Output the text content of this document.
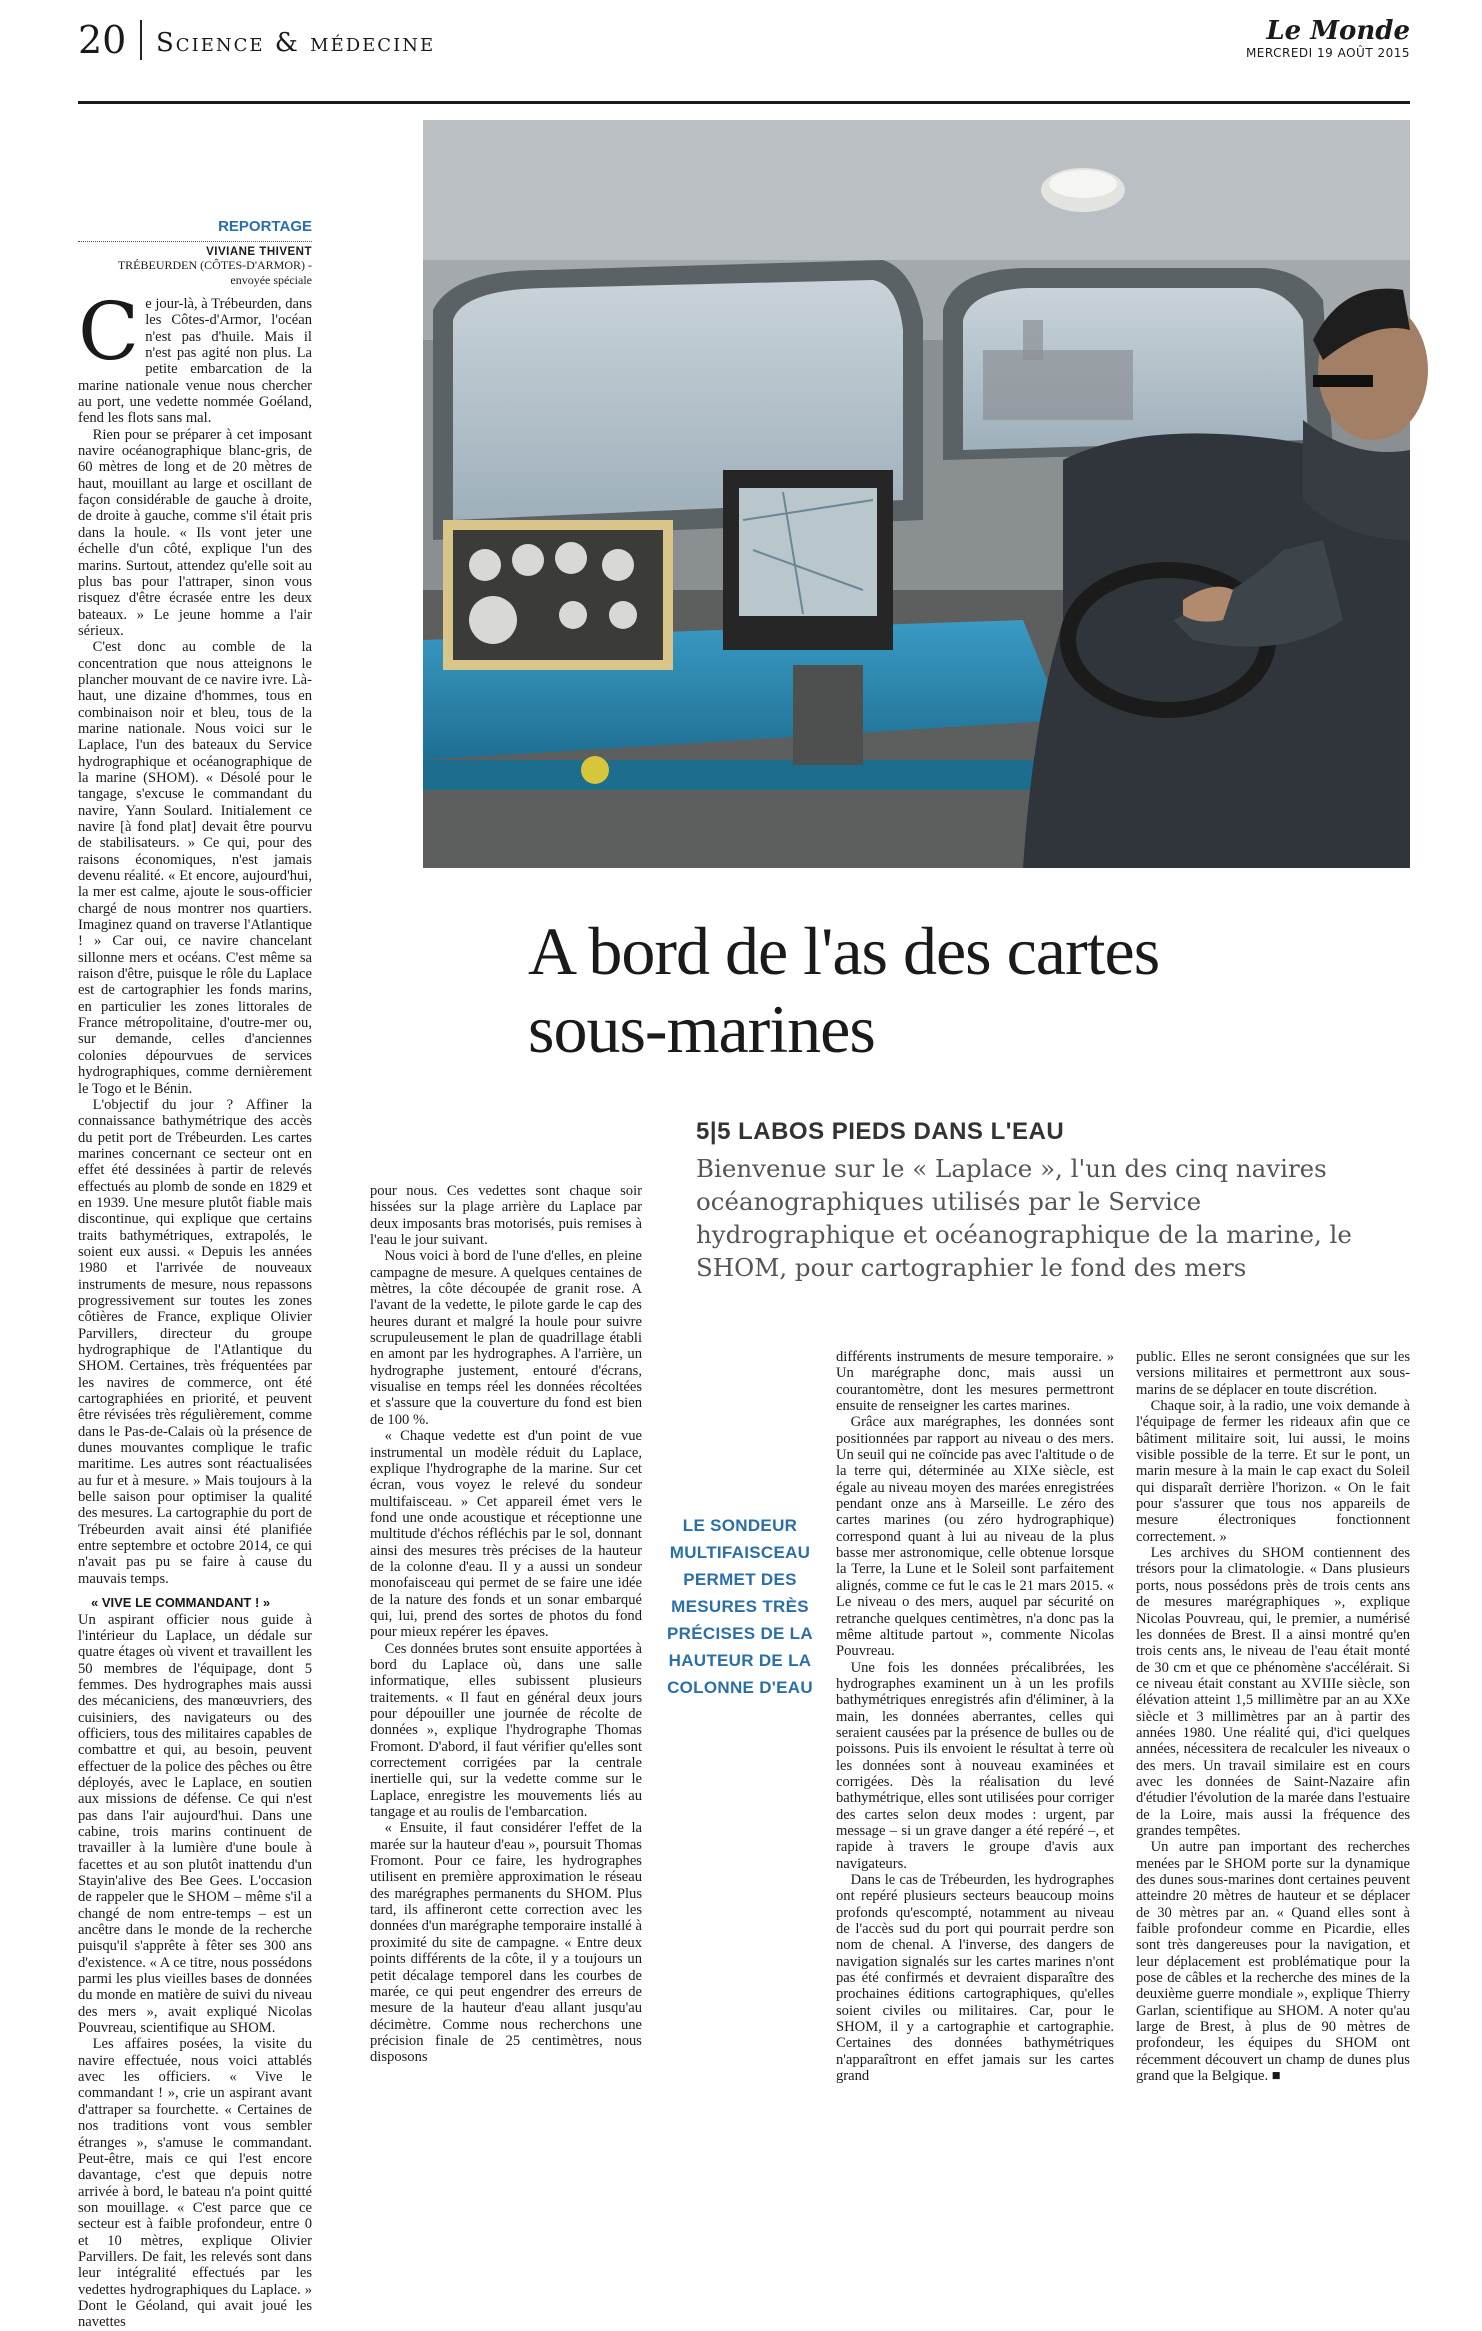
20 Science & médecine	Le Monde
MERCREDI 19 AOÛT 2015
La vedette le « Goéland ».
Au large, le « Laplace ».
VINCENT GOURIOU POUR « LE MONDE »
A bord de l'as des cartes
sous-marines
5|5 LABOS PIEDS DANS L'EAU
Bienvenue sur le « Laplace », l'un des cinq navires océanographiques utilisés par le Service hydrographique et océanographique de la marine, le SHOM, pour cartographier le fond des mers
REPORTAGE
VIVIANE THIVENT
TRÉBEURDEN (CÔTES-D'ARMOR) - envoyée spéciale

Ce jour-là, à Trébeurden, dans les Côtes-d'Armor, l'océan n'est pas d'huile. Mais il n'est pas agité non plus. La petite embarcation de la marine nationale venue nous chercher au port, une vedette nommée Goéland, fend les flots sans mal.

Rien pour se préparer à cet imposant navire océanographique blanc-gris, de 60 mètres de long et de 20 mètres de haut, mouillant au large et oscillant de façon considérable de gauche à droite, de droite à gauche, comme s'il était pris dans la houle. « Ils vont jeter une échelle d'un côté, explique l'un des marins. Surtout, attendez qu'elle soit au plus bas pour l'attraper, sinon vous risquez d'être écrasée entre les deux bateaux. » Le jeune homme a l'air sérieux.

C'est donc au comble de la concentration que nous atteignons le plancher mouvant de ce navire ivre. Là-haut, une dizaine d'hommes, tous en combinaison noir et bleu, tous de la marine nationale. Nous voici sur le Laplace, l'un des bateaux du Service hydrographique et océanographique de la marine (SHOM). « Désolé pour le tangage, s'excuse le commandant du navire, Yann Soulard. Initialement ce navire [à fond plat] devait être pourvu de stabilisateurs. » Ce qui, pour des raisons économiques, n'est jamais devenu réalité. « Et encore, aujourd'hui, la mer est calme, ajoute le sous-officier chargé de nous montrer nos quartiers. Imaginez quand on traverse l'Atlantique ! » Car oui, ce navire chancelant sillonne mers et océans. C'est même sa raison d'être, puisque le rôle du Laplace est de cartographier les fonds marins, en particulier les zones littorales de France métropolitaine, d'outre-mer ou, sur demande, celles d'anciennes colonies dépourvues de services hydrographiques, comme dernièrement le Togo et le Bénin.

L'objectif du jour ? Affiner la connaissance bathymétrique des accès du petit port de Trébeurden. Les cartes marines concernant ce secteur ont en effet été dessinées à partir de relevés effectués au plomb de sonde en 1829 et en 1939. Une mesure plutôt fiable mais discontinue, qui explique que certains traits bathymétriques, extrapolés, le soient eux aussi. « Depuis les années 1980 et l'arrivée de nouveaux instruments de mesure, nous repassons progressivement sur toutes les zones côtières de France, explique Olivier Parvillers, directeur du groupe hydrographique de l'Atlantique du SHOM. Certaines, très fréquentées par les navires de commerce, ont été cartographiées en priorité, et peuvent être révisées très régulièrement, comme dans le Pas-de-Calais où la présence de dunes mouvantes complique le trafic maritime. Les autres sont réactualisées au fur et à mesure. » Mais toujours à la belle saison pour optimiser la qualité des mesures. La cartographie du port de Trébeurden avait ainsi été planifiée entre septembre et octobre 2014, ce qui n'avait pas pu se faire à cause du mauvais temps.

« VIVE LE COMMANDANT ! »

Un aspirant officier nous guide à l'intérieur du Laplace, un dédale sur quatre étages où vivent et travaillent les 50 membres de l'équipage, dont 5 femmes. Des hydrographes mais aussi des mécaniciens, des manœuvriers, des cuisiniers, des navigateurs ou des officiers, tous des militaires capables de combattre et qui, au besoin, peuvent effectuer de la police des pêches ou être déployés, avec le Laplace, en soutien aux missions de défense. Ce qui n'est pas dans l'air aujourd'hui. Dans une cabine, trois marins continuent de travailler à la lumière d'une boule à facettes et au son plutôt inattendu d'un Stayin'alive des Bee Gees. L'occasion de rappeler que le SHOM – même s'il a changé de nom entre-temps – est un ancêtre dans le monde de la recherche puisqu'il s'apprête à fêter ses 300 ans d'existence. « A ce titre, nous possédons parmi les plus vieilles bases de données du monde en matière de suivi du niveau des mers », avait expliqué Nicolas Pouvreau, scientifique au SHOM.

Les affaires posées, la visite du navire effectuée, nous voici attablés avec les officiers. « Vive le commandant ! », crie un aspirant avant d'attraper sa fourchette. « Certaines de nos traditions vont vous sembler étranges », s'amuse le commandant. Peut-être, mais ce qui l'est encore davantage, c'est que depuis notre arrivée à bord, le bateau n'a point quitté son mouillage. « C'est parce que ce secteur est à faible profondeur, entre 0 et 10 mètres, explique Olivier Parvillers. De fait, les relevés sont dans leur intégralité effectués par les vedettes hydrographiques du Laplace. » Dont le Géoland, qui avait joué les navettes

pour nous. Ces vedettes sont chaque soir hissées sur la plage arrière du Laplace par deux imposants bras motorisés, puis remises à l'eau le jour suivant.

Nous voici à bord de l'une d'elles, en pleine campagne de mesure. A quelques centaines de mètres, la côte découpée de granit rose. A l'avant de la vedette, le pilote garde le cap des heures durant et malgré la houle pour suivre scrupuleusement le plan de quadrillage établi en amont par les hydrographes. A l'arrière, un hydrographe justement, entouré d'écrans, visualise en temps réel les données récoltées et s'assure que la couverture du fond est bien de 100 %.

« Chaque vedette est d'un point de vue instrumental un modèle réduit du Laplace, explique l'hydrographe de la marine. Sur cet écran, vous voyez le relevé du sondeur multifaisceau. » Cet appareil émet vers le fond une onde acoustique et réceptionne une multitude d'échos réfléchis par le sol, donnant ainsi des mesures très précises de la hauteur de la colonne d'eau. Il y a aussi un sondeur monofaisceau qui permet de se faire une idée de la nature des fonds et un sonar embarqué qui, lui, prend des sortes de photos du fond pour mieux repérer les épaves.

Ces données brutes sont ensuite apportées à bord du Laplace où, dans une salle informatique, elles subissent plusieurs traitements. « Il faut en général deux jours pour dépouiller une journée de récolte de données », explique l'hydrographe Thomas Fromont. D'abord, il faut vérifier qu'elles sont correctement corrigées par la centrale inertielle qui, sur la vedette comme sur le Laplace, enregistre les mouvements liés au tangage et au roulis de l'embarcation.

« Ensuite, il faut considérer l'effet de la marée sur la hauteur d'eau », poursuit Thomas Fromont. Pour ce faire, les hydrographes utilisent en première approximation le réseau des marégraphes permanents du SHOM. Plus tard, ils affineront cette correction avec les données d'un marégraphe temporaire installé à proximité du site de campagne. « Entre deux points différents de la côte, il y a toujours un petit décalage temporel dans les courbes de marée, ce qui peut engendrer des erreurs de mesure de la hauteur d'eau allant jusqu'au décimètre. Comme nous recherchons une précision finale de 25 centimètres, nous disposons

LE SONDEUR MULTIFAISCEAU PERMET DES MESURES TRÈS PRÉCISES DE LA HAUTEUR DE LA COLONNE D'EAU

différents instruments de mesure temporaire. » Un marégraphe donc, mais aussi un courantomètre, dont les mesures permettront ensuite de renseigner les cartes marines.

Grâce aux marégraphes, les données sont positionnées par rapport au niveau o des mers. Un seuil qui ne coïncide pas avec l'altitude o de la terre qui, déterminée au XIXe siècle, est égale au niveau moyen des marées enregistrées pendant onze ans à Marseille. Le zéro des cartes marines (ou zéro hydrographique) correspond quant à lui au niveau de la plus basse mer astronomique, celle obtenue lorsque la Terre, la Lune et le Soleil sont parfaitement alignés, comme ce fut le cas le 21 mars 2015. « Le niveau o des mers, auquel par sécurité on retranche quelques centimètres, n'a donc pas la même altitude partout », commente Nicolas Pouvreau.

Une fois les données précalibrées, les hydrographes examinent un à un les profils bathymétriques enregistrés afin d'éliminer, à la main, les données aberrantes, celles qui seraient causées par la présence de bulles ou de poissons. Puis ils envoient le résultat à terre où les données sont à nouveau examinées et corrigées. Dès la réalisation du levé bathymétrique, elles sont utilisées pour corriger des cartes selon deux modes : urgent, par message – si un grave danger a été repéré –, et rapide à travers le groupe d'avis aux navigateurs.

Dans le cas de Trébeurden, les hydrographes ont repéré plusieurs secteurs beaucoup moins profonds qu'escompté, notamment au niveau de l'accès sud du port qui pourrait perdre son nom de chenal. A l'inverse, des dangers de navigation signalés sur les cartes marines n'ont pas été confirmés et devraient disparaître des prochaines éditions cartographiques, qu'elles soient civiles ou militaires. Car, pour le SHOM, il y a cartographie et cartographie. Certaines des données bathymétriques n'apparaîtront en effet jamais sur les cartes grand

public. Elles ne seront consignées que sur les versions militaires et permettront aux sous-marins de se déplacer en toute discrétion.

Chaque soir, à la radio, une voix demande à l'équipage de fermer les rideaux afin que ce bâtiment militaire soit, lui aussi, le moins visible possible de la terre. Et sur le pont, un marin mesure à la main le cap exact du Soleil qui disparaît derrière l'horizon. « On le fait pour s'assurer que tous nos appareils de mesure électroniques fonctionnent correctement. »

Les archives du SHOM contiennent des trésors pour la climatologie. « Dans plusieurs ports, nous possédons près de trois cents ans de mesures marégraphiques », explique Nicolas Pouvreau, qui, le premier, a numérisé les données de Brest. Il a ainsi montré qu'en trois cents ans, le niveau de l'eau était monté de 30 cm et que ce phénomène s'accélérait. Si ce niveau était constant au XVIIIe siècle, son élévation atteint 1,5 millimètre par an au XXe siècle et 3 millimètres par an à partir des années 1980. Une réalité qui, d'ici quelques années, nécessitera de recalculer les niveaux o des mers. Un travail similaire est en cours avec les données de Saint-Nazaire afin d'étudier l'évolution de la marée dans l'estuaire de la Loire, mais aussi la fréquence des grandes tempêtes.

Un autre pan important des recherches menées par le SHOM porte sur la dynamique des dunes sous-marines dont certaines peuvent atteindre 20 mètres de hauteur et se déplacer de 30 mètres par an. « Quand elles sont à faible profondeur comme en Picardie, elles sont très dangereuses pour la navigation, et leur déplacement est problématique pour la pose de câbles et la recherche des mines de la deuxième guerre mondiale », explique Thierry Garlan, scientifique au SHOM. A noter qu'au large de Brest, à plus de 90 mètres de profondeur, les équipes du SHOM ont récemment découvert un champ de dunes plus grand que la Belgique. ■
